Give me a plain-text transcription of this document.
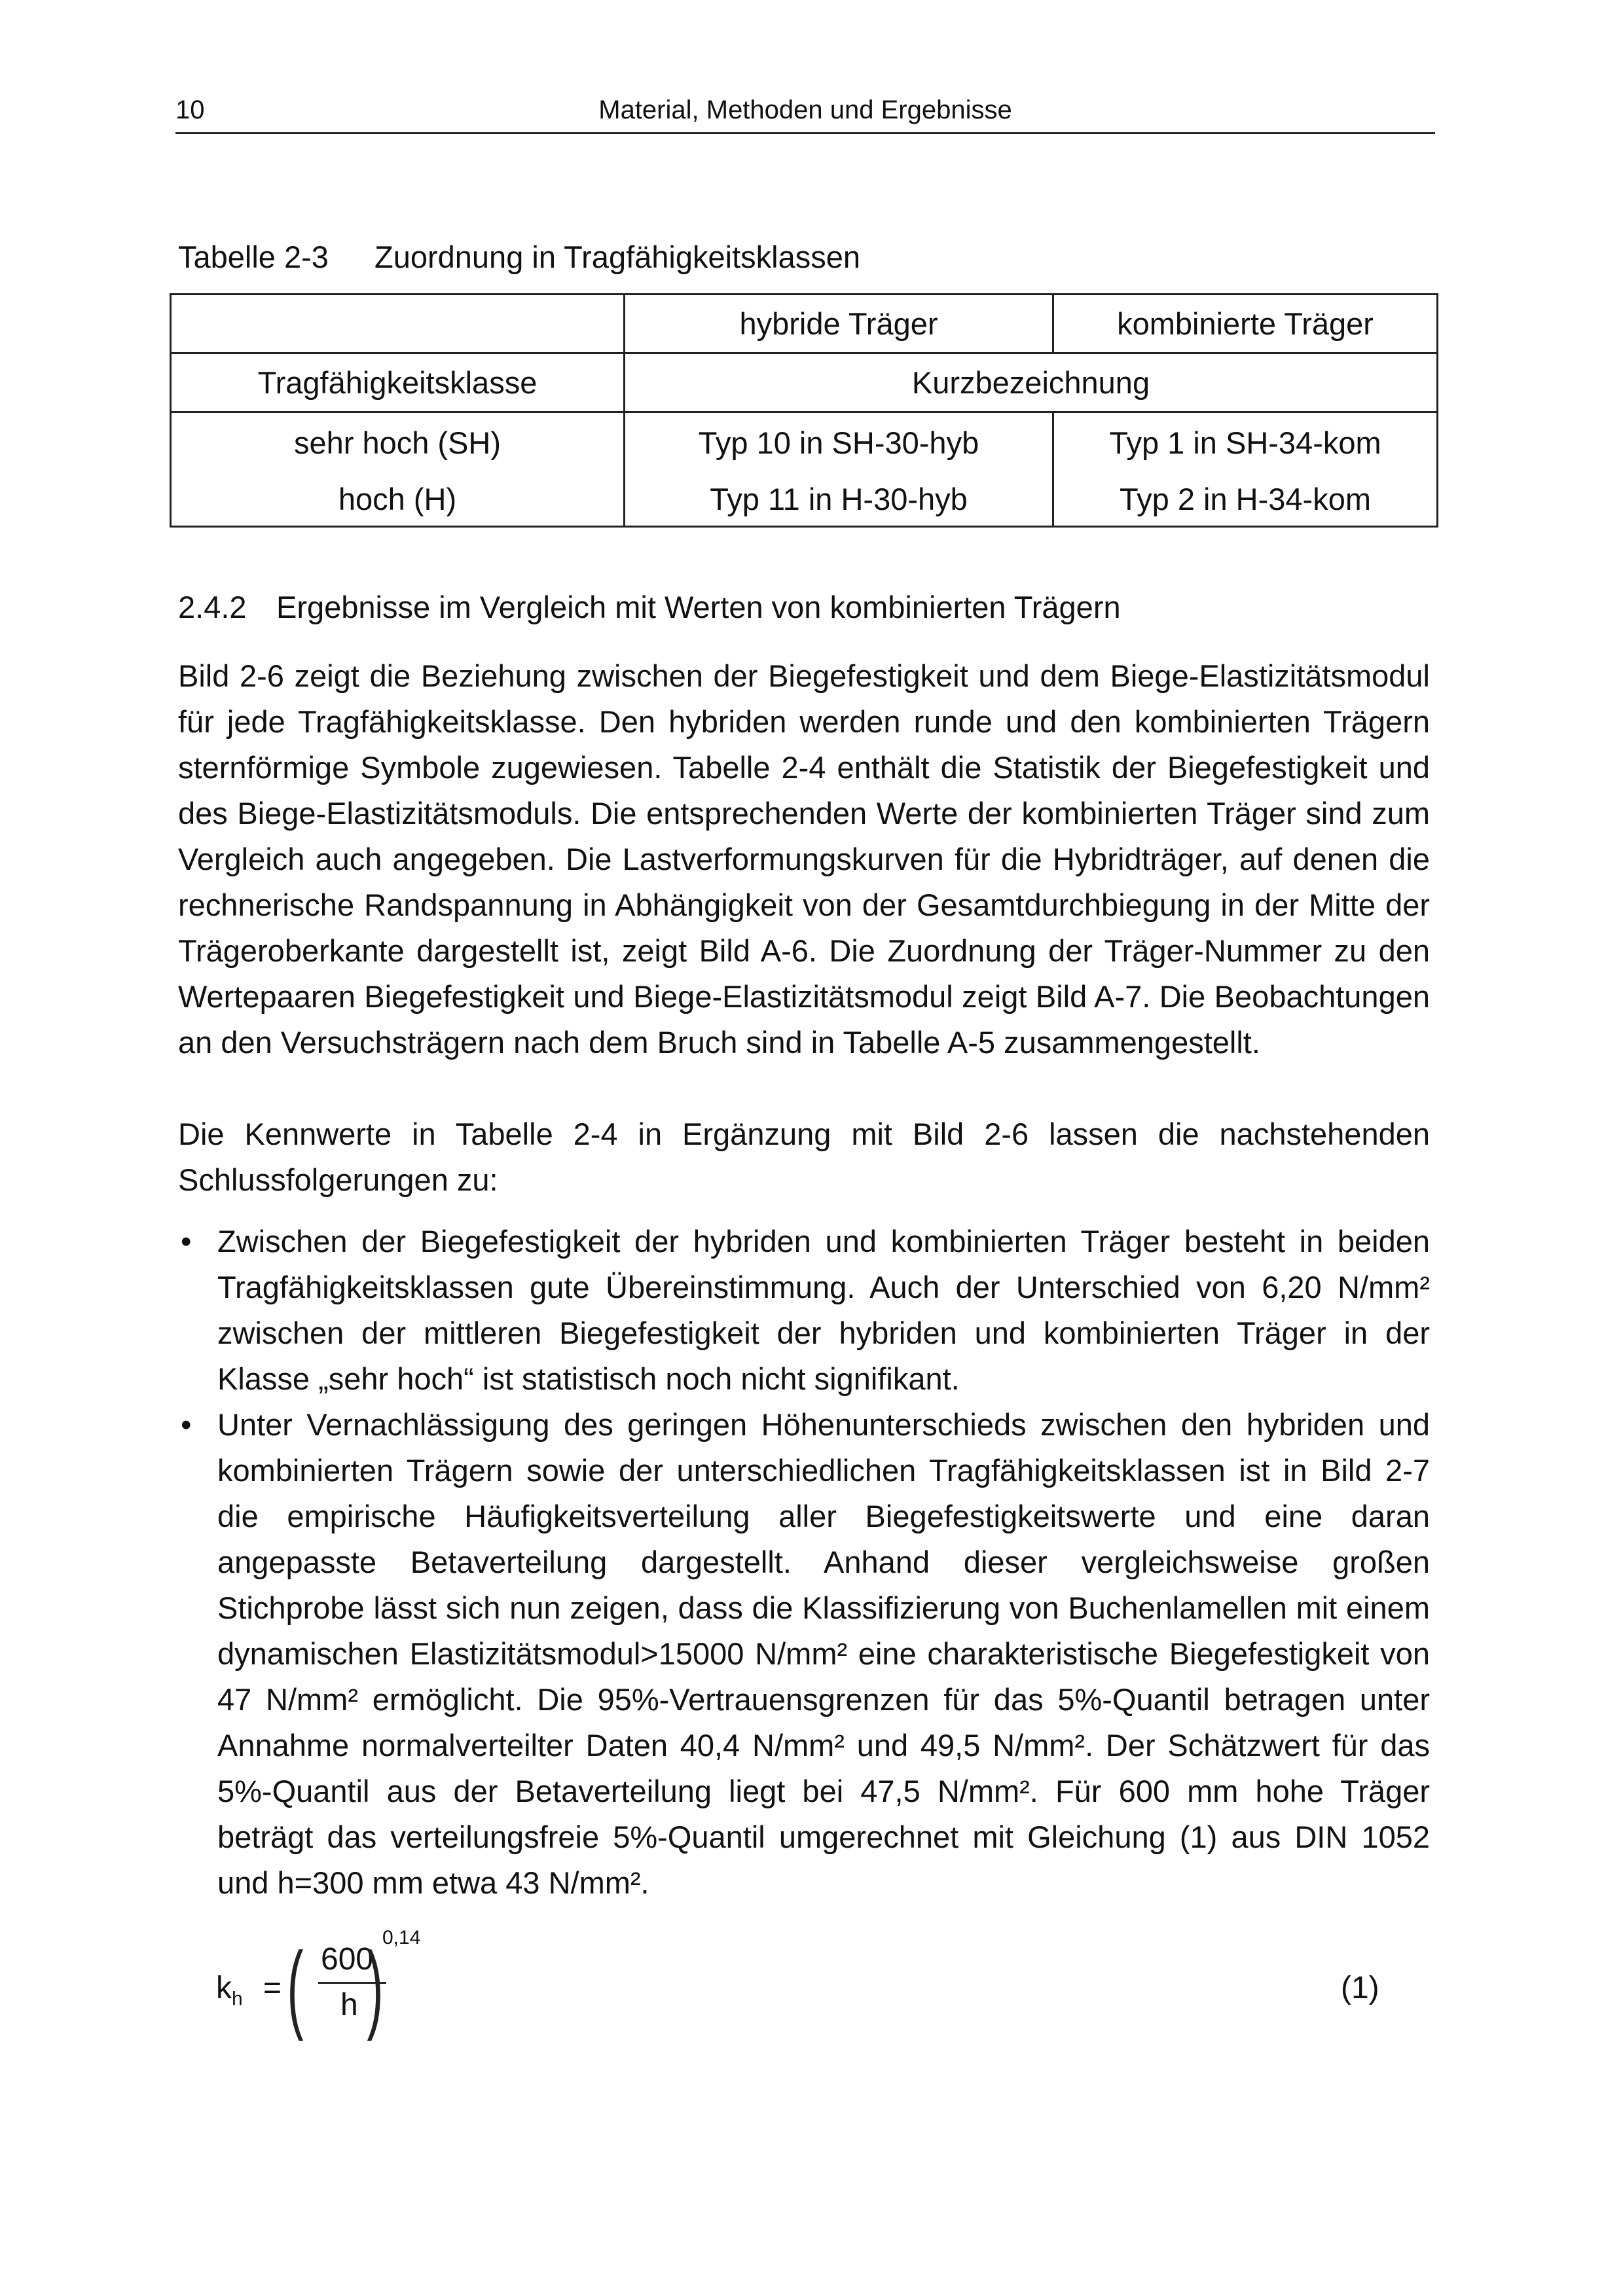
10	Material, Methoden und Ergebnisse
Tabelle 2-3 Zuordnung in Tragfähigkeitsklassen
	hybride Träger	kombinierte Träger
Tragfähigkeitsklasse	Kurzbezeichnung	
sehr hoch (SH)	Typ 10 in SH-30-hyb	Typ 1 in SH-34-kom
hoch (H)	Typ 11 in H-30-hyb	Typ 2 in H-34-kom
2.4.2 Ergebnisse im Vergleich mit Werten von kombinierten Trägern

Bild 2-6 zeigt die Beziehung zwischen der Biegefestigkeit und dem Biege-Elastizitätsmodul für jede Tragfähigkeitsklasse. Den hybriden werden runde und den kombinierten Trägern sternförmige Symbole zugewiesen. Tabelle 2-4 enthält die Statistik der Biegefestigkeit und des Biege-Elastizitätsmoduls. Die entsprechenden Werte der kombinierten Träger sind zum Vergleich auch angegeben. Die Lastverformungskurven für die Hybridträger, auf denen die rechnerische Randspannung in Abhängigkeit von der Gesamtdurchbiegung in der Mitte der Trägeroberkante dargestellt ist, zeigt Bild A-6. Die Zuordnung der Träger-Nummer zu den Wertepaaren Biegefestigkeit und Biege-Elastizitätsmodul zeigt Bild A-7. Die Beobachtungen an den Versuchsträgern nach dem Bruch sind in Tabelle A-5 zusammengestellt.

Die Kennwerte in Tabelle 2-4 in Ergänzung mit Bild 2-6 lassen die nachstehenden Schlussfolgerungen zu:

• Zwischen der Biegefestigkeit der hybriden und kombinierten Träger besteht in beiden Tragfähigkeitsklassen gute Übereinstimmung. Auch der Unterschied von 6,20 N/mm² zwischen der mittleren Biegefestigkeit der hybriden und kombinierten Träger in der Klasse „sehr hoch“ ist statistisch noch nicht signifikant.
• Unter Vernachlässigung des geringen Höhenunterschieds zwischen den hybriden und kombinierten Trägern sowie der unterschiedlichen Tragfähigkeitsklassen ist in Bild 2-7 die empirische Häufigkeitsverteilung aller Biegefestigkeitswerte und eine daran angepasste Betaverteilung dargestellt. Anhand dieser vergleichsweise großen Stichprobe lässt sich nun zeigen, dass die Klassifizierung von Buchenlamellen mit einem dynamischen Elastizitätsmodul>15000 N/mm² eine charakteristische Biegefestigkeit von 47 N/mm² ermöglicht. Die 95%-Vertrauensgrenzen für das 5%-Quantil betragen unter Annahme normalverteilter Daten 40,4 N/mm² und 49,5 N/mm². Der Schätzwert für das 5%-Quantil aus der Betaverteilung liegt bei 47,5 N/mm². Für 600 mm hohe Träger beträgt das verteilungsfreie 5%-Quantil umgerechnet mit Gleichung (1) aus DIN 1052 und h=300 mm etwa 43 N/mm².
$k_h$ = ( 600
h )
0,14
(1)
